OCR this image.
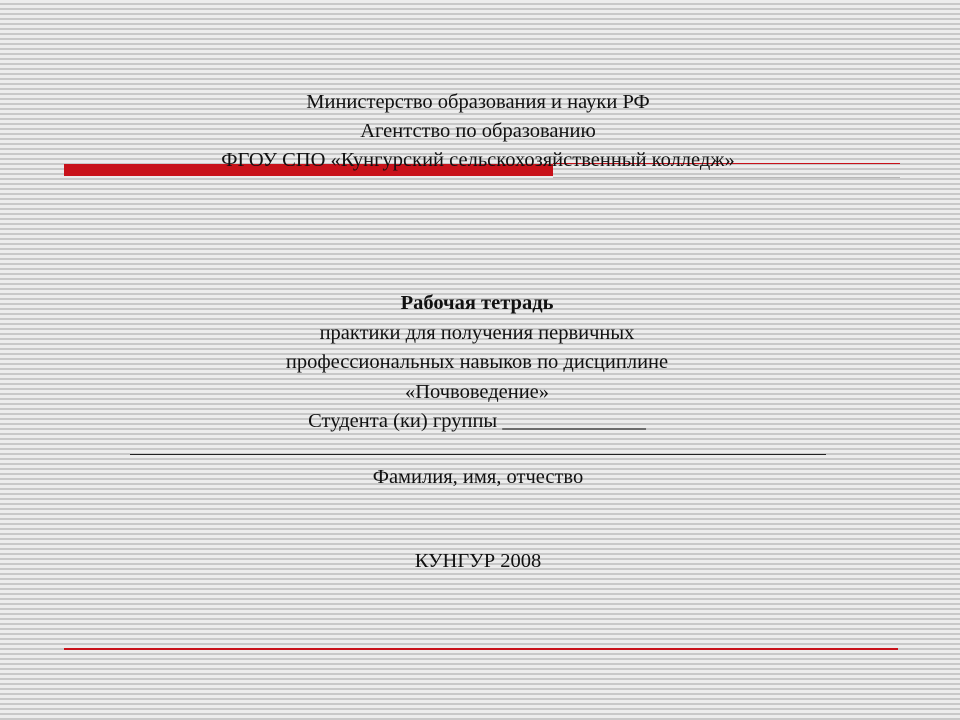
Министерство образования и науки РФ
Агентство по образованию
ФГОУ СПО «Кунгурский сельскохозяйственный колледж»
Рабочая тетрадь
практики для получения первичных
профессиональных навыков по дисциплине
«Почвоведение»
Студента (ки) группы ______________
Фамилия, имя, отчество
КУНГУР 2008
